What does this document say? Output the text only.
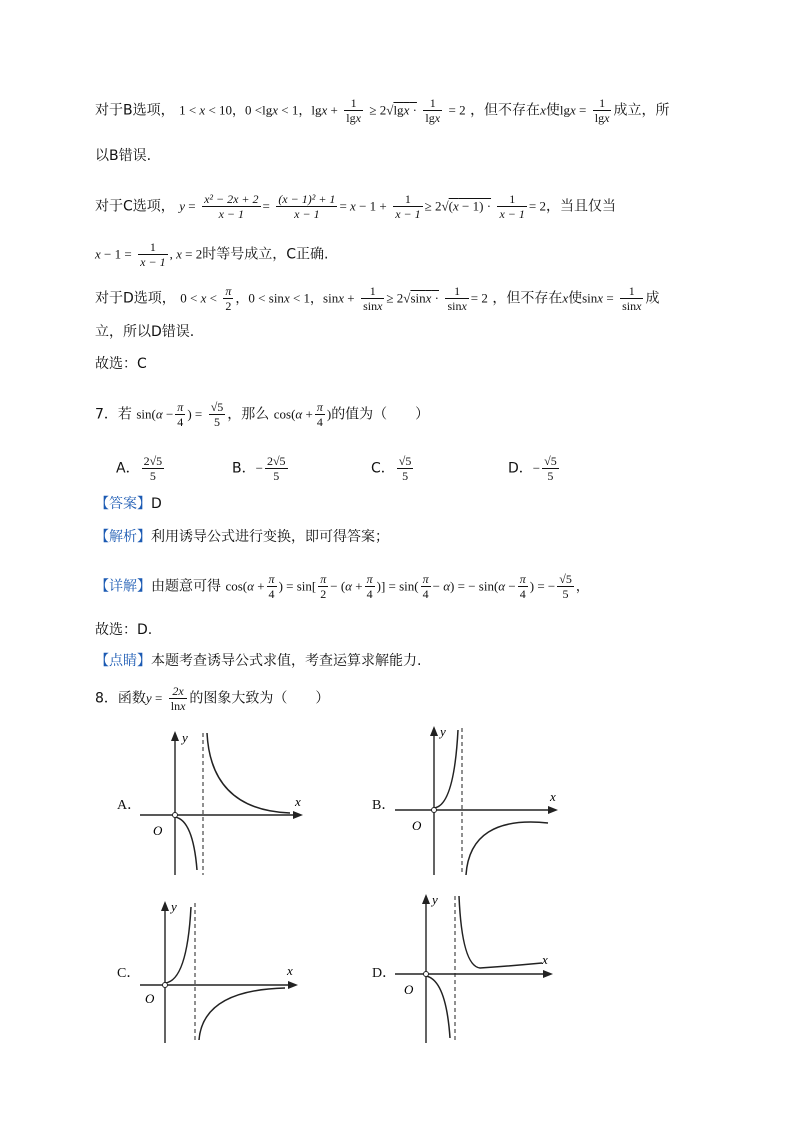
对于B选项， 1 < x < 10，0 <lgx < 1，$\lg x + \frac{1}{\lg x} \ge 2√\lg x \cdot \frac{1}{\lg x} = 2$ ，但不存在x使$\lg x = \frac{1}{\lg x}$ 成立，所
以B错误.
对于C选项， $y = \frac{\text{x² − 2x + 2}}{x - 1} = \frac{\text{(x − 1)² + 1}}{x - 1} = x - 1 + \frac{1}{x - 1} \ge 2√(x - 1) \cdot \frac{1}{x - 1} = 2$，当且仅当
$x - 1 = \frac{1}{x - 1}$ , x = 2时等号成立，C正确.
对于D选项， $0 < x < \frac{\pi}{2}$ ，0 < sinx < 1，$\sin x + \frac{1}{\sin x} \ge 2√\sin x \cdot \frac{1}{\sin x} = 2$ ，但不存在x使$\sin x = \frac{1}{\sin x}$ 成
立，所以D错误.
故选：C
7．若 $\sin(\alpha - \frac{\pi}{4}$ ) = $\frac{√5}{5}$ ，那么 $\cos(\alpha + \frac{\pi}{4}$ )的值为（　　）
A． $\frac{2√5}{5}$	B．− $\frac{2√5}{5}$	C． $\frac{√5}{5}$	D．− $\frac{√5}{5}$
【答案】D
【解析】利用诱导公式进行变换，即可得答案；
【详解】由题意可得 $\cos(\alpha + \frac{\pi}{4}$ ) = $\sin[ \frac{\pi}{2} - (\alpha + \frac{\pi}{4}$ )] = $\sin( \frac{\pi}{4} - \alpha)$ = − $\sin(\alpha - \frac{\pi}{4}$ ) = − $\frac{√5}{5}$ ，
故选：D.
【点睛】本题考查诱导公式求值，考查运算求解能力.
8．函数$y = \frac{2x}{\ln x}$ 的图象大致为（　　）
A．
y
x
O
B．
y
x
O
C．
y
x
O
D．
y
x
O
